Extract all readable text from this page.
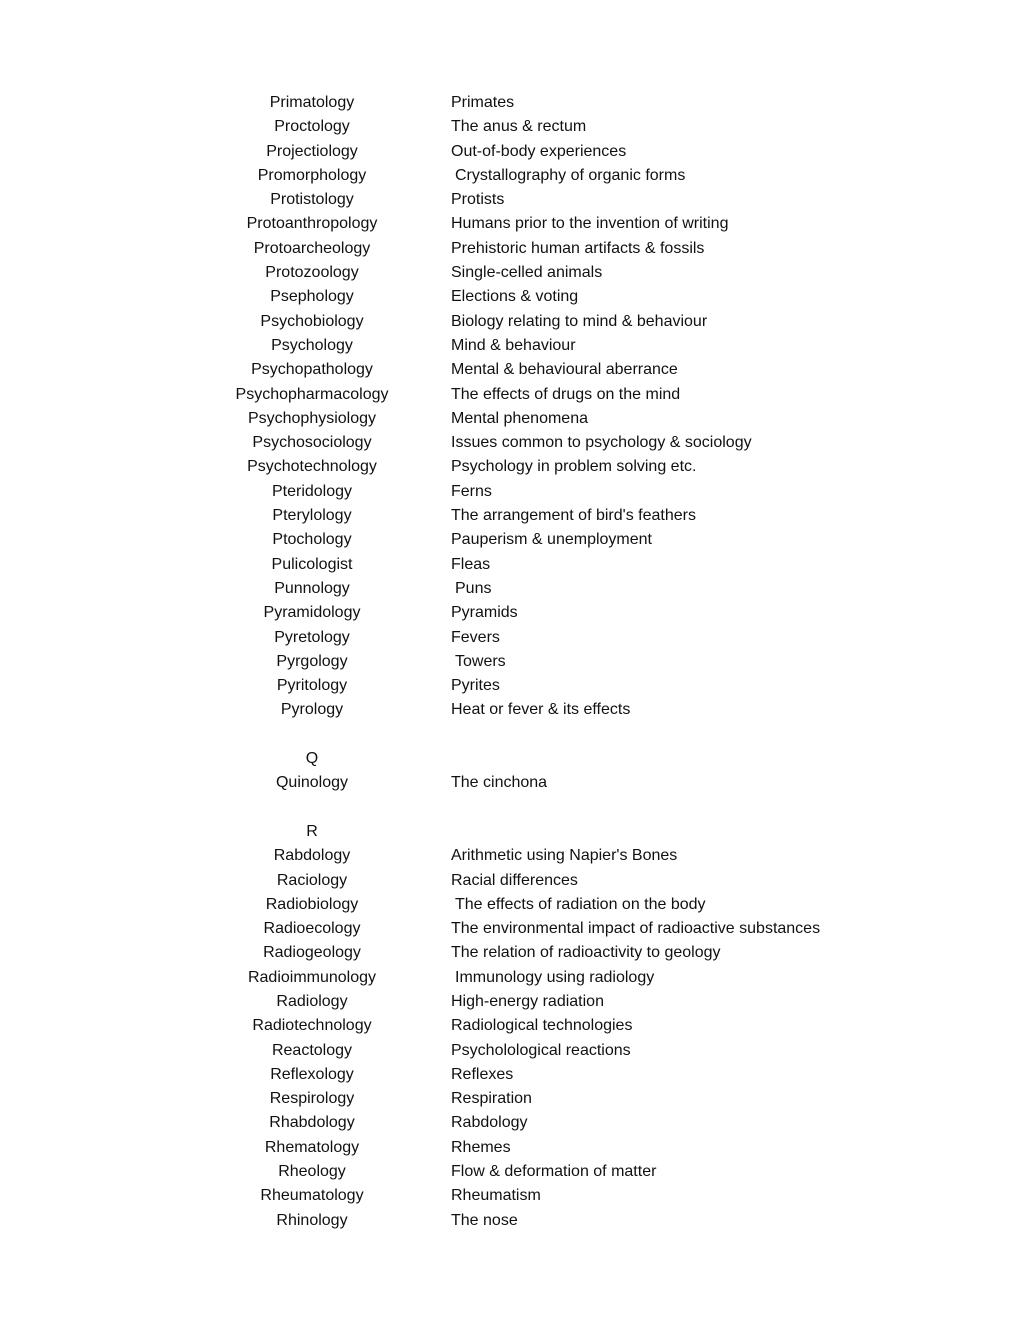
Primatology	Primates
Proctology	The anus & rectum
Projectiology	Out-of-body experiences
Promorphology	Crystallography of organic forms
Protistology	Protists
Protoanthropology	Humans prior to the invention of writing
Protoarcheology	Prehistoric human artifacts & fossils
Protozoology	Single-celled animals
Psephology	Elections & voting
Psychobiology	Biology relating to mind & behaviour
Psychology	Mind & behaviour
Psychopathology	Mental & behavioural aberrance
Psychopharmacology	The effects of drugs on the mind
Psychophysiology	Mental phenomena
Psychosociology	Issues common to psychology & sociology
Psychotechnology	Psychology in problem solving etc.
Pteridology	Ferns
Pterylology	The arrangement of bird's feathers
Ptochology	Pauperism & unemployment
Pulicologist	Fleas
Punnology	Puns
Pyramidology	Pyramids
Pyretology	Fevers
Pyrgology	Towers
Pyritology	Pyrites
Pyrology	Heat or fever & its effects
Q
Quinology	The cinchona
R
Rabdology	Arithmetic using Napier's Bones
Raciology	Racial differences
Radiobiology	The effects of radiation on the body
Radioecology	The environmental impact of radioactive substances
Radiogeology	The relation of radioactivity to geology
Radioimmunology	Immunology using radiology
Radiology	High-energy radiation
Radiotechnology	Radiological technologies
Reactology	Psycholological reactions
Reflexology	Reflexes
Respirology	Respiration
Rhabdology	Rabdology
Rhematology	Rhemes
Rheology	Flow & deformation of matter
Rheumatology	Rheumatism
Rhinology	The nose
